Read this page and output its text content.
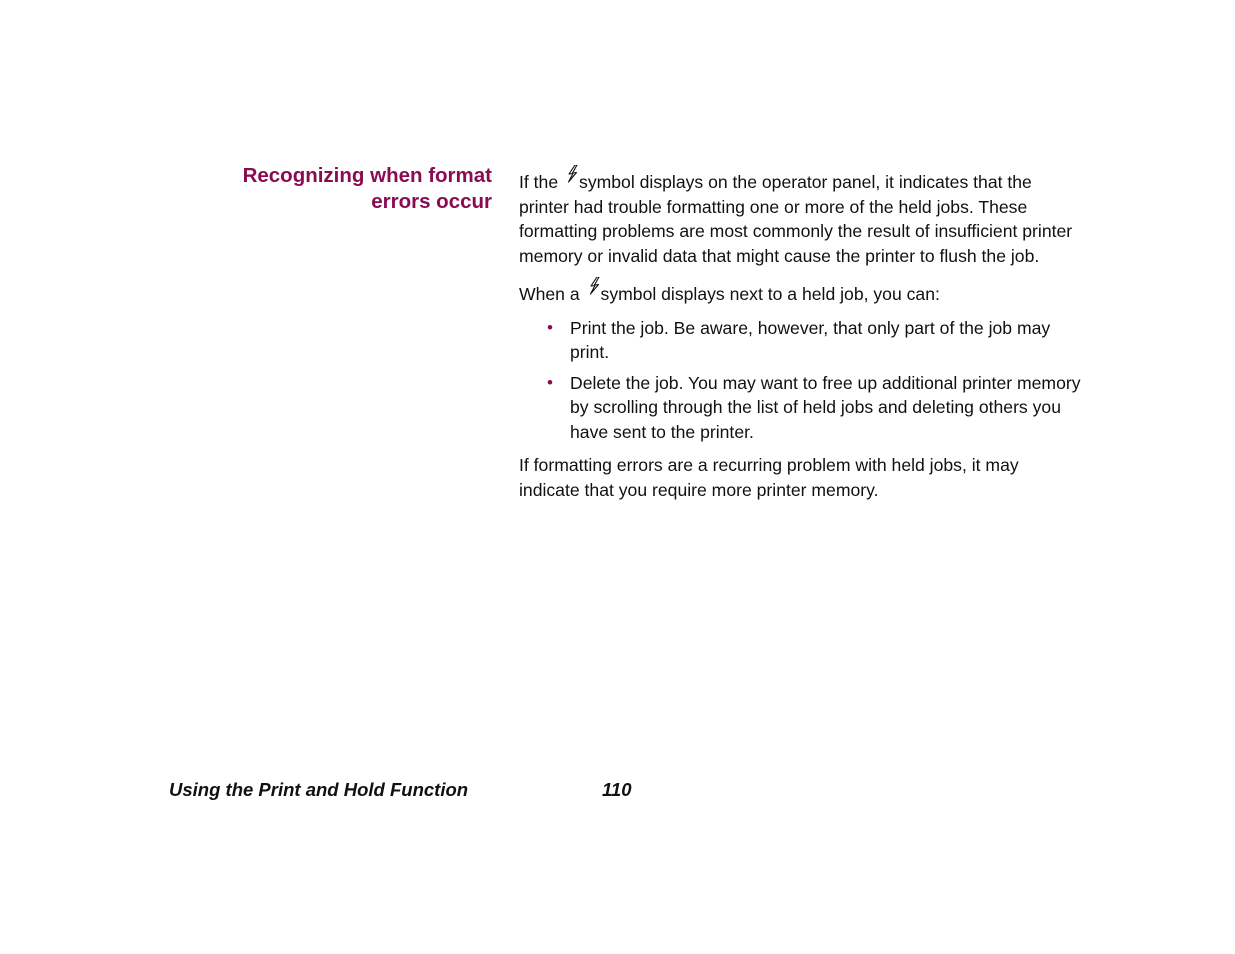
Recognizing when format
errors occur

If the symbol displays on the operator panel, it indicates that the printer had trouble formatting one or more of the held jobs. These formatting problems are most commonly the result of insufficient printer memory or invalid data that might cause the printer to flush the job.

When a symbol displays next to a held job, you can:

• Print the job. Be aware, however, that only part of the job may print.
• Delete the job. You may want to free up additional printer memory by scrolling through the list of held jobs and deleting others you have sent to the printer.

If formatting errors are a recurring problem with held jobs, it may indicate that you require more printer memory.

Using the Print and Hold Function	110
